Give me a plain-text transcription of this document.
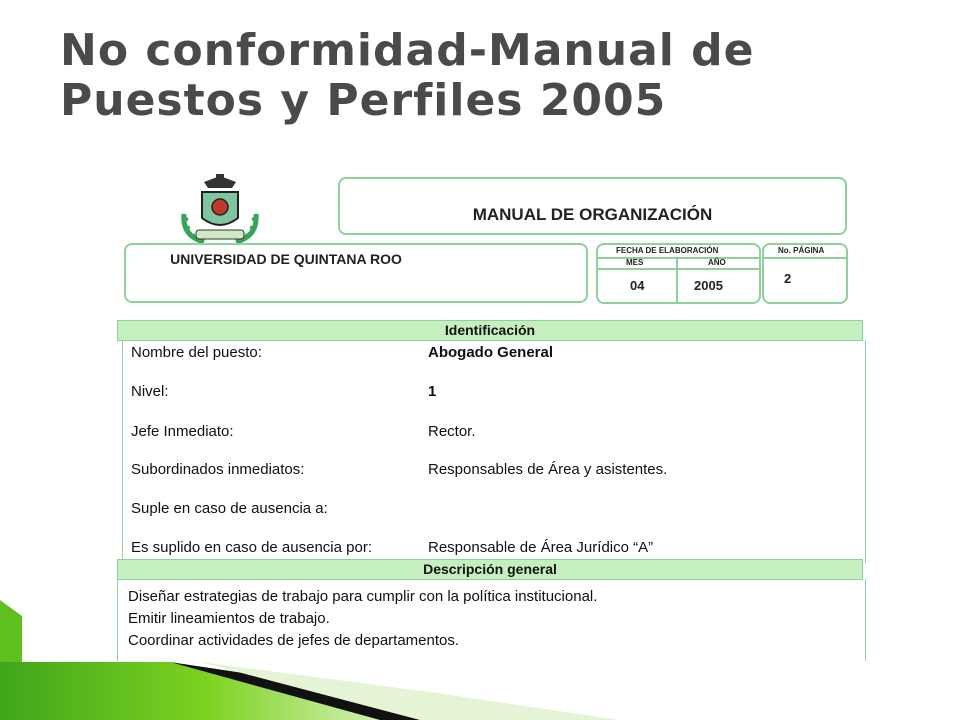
No conformidad-Manual de Puestos y Perfiles 2005
MANUAL DE ORGANIZACIÓN
UNIVERSIDAD DE QUINTANA ROO
FECHA DE ELABORACIÓN
MES	AÑO
04	2005
No. PÁGINA
2
Identificación
Nombre del puesto:	Abogado General
Nivel:	1
Jefe Inmediato:	Rector.
Subordinados inmediatos:	Responsables de Área y asistentes.
Suple en caso de ausencia a:
Es suplido en caso de ausencia por:	Responsable de Área Jurídico “A”
Descripción general
Diseñar estrategias de trabajo para cumplir con la política institucional.
Emitir lineamientos de trabajo.
Coordinar actividades de jefes de departamentos.
